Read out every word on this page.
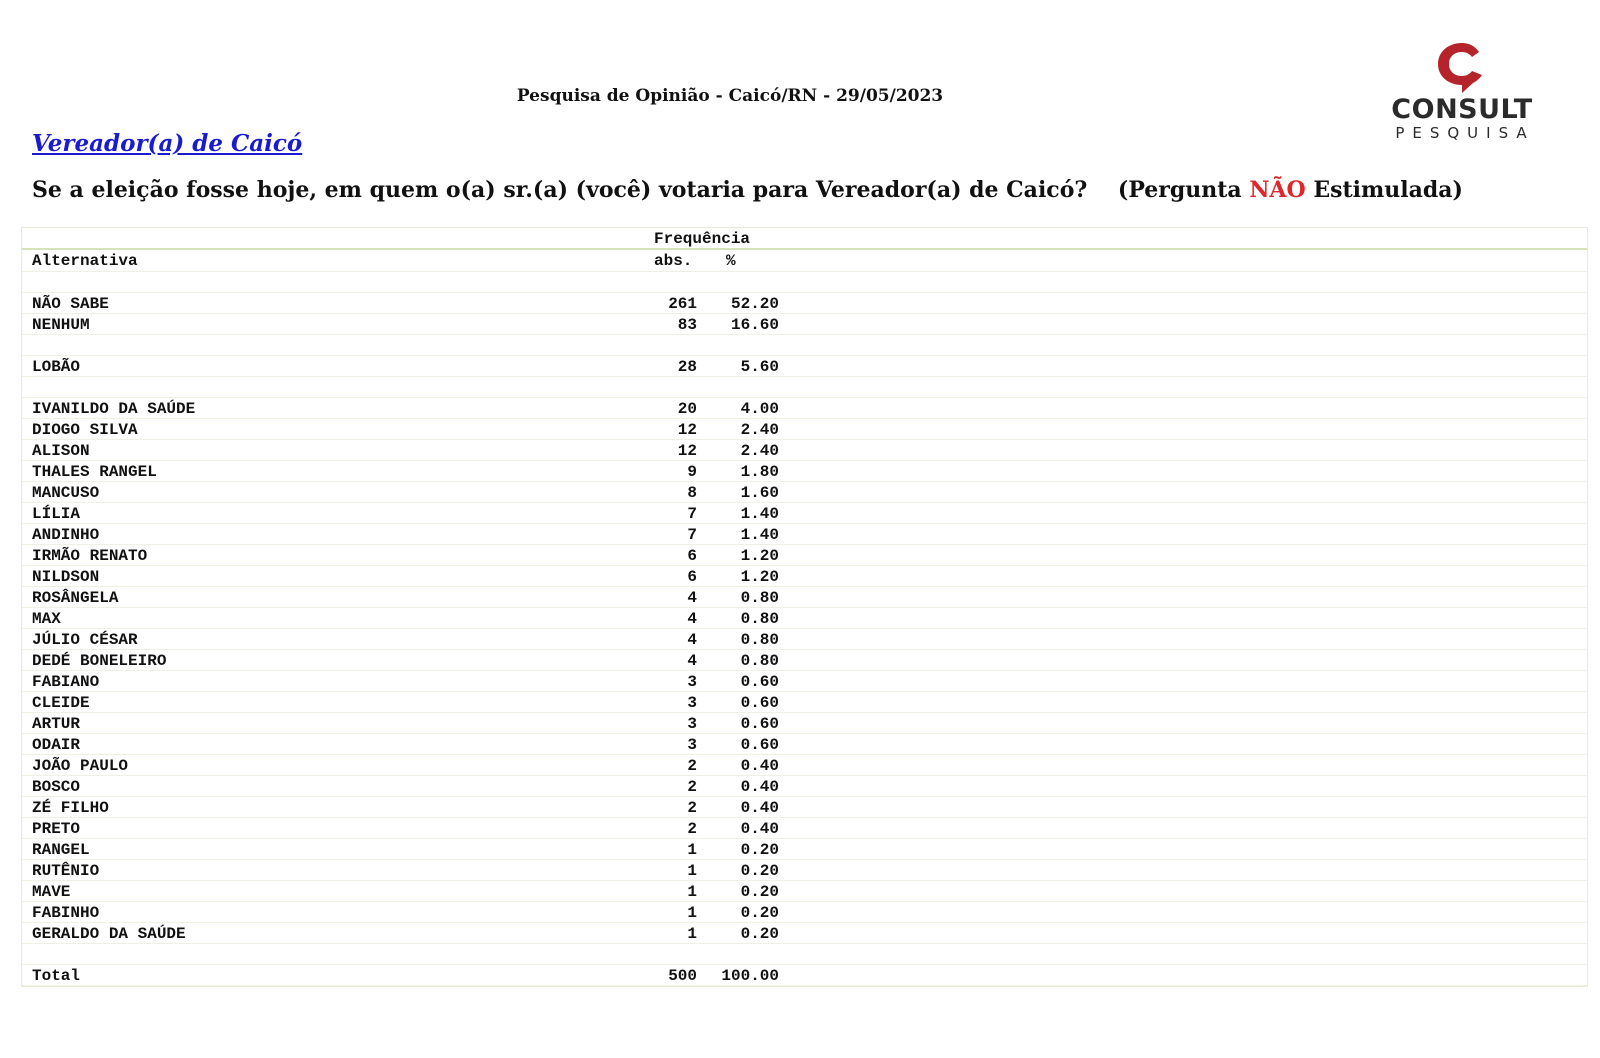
Pesquisa de Opinião - Caicó/RN - 29/05/2023	CONSULT
PESQUISA
Vereador(a) de Caicó
Se a eleição fosse hoje, em quem o(a) sr.(a) (você) votaria para Vereador(a) de Caicó? (Pergunta NÃO Estimulada)
Frequência
Alternativa	abs. %
NÃO SABE	261 52.20
NENHUM	83 16.60
LOBÃO	28	5.60
IVANILDO DA SAÚDE	20	4.00
DIOGO SILVA	12	2.40
ALISON	12	2.40
THALES RANGEL	9	1.80
MANCUSO	8	1.60
LÍLIA	7	1.40
ANDINHO	7	1.40
IRMÃO RENATO	6	1.20
NILDSON	6	1.20
ROSÂNGELA	4	0.80
MAX	4	0.80
JÚLIO CÉSAR	4	0.80
DEDÉ BONELEIRO	4	0.80
FABIANO	3	0.60
CLEIDE	3	0.60
ARTUR	3	0.60
ODAIR	3	0.60
JOÃO PAULO	2	0.40
BOSCO	2	0.40
ZÉ FILHO	2	0.40
PRETO	2	0.40
RANGEL	1	0.20
RUTÊNIO	1	0.20
MAVE	1	0.20
FABINHO	1	0.20
GERALDO DA SAÚDE	1	0.20
Total	500 100.00
